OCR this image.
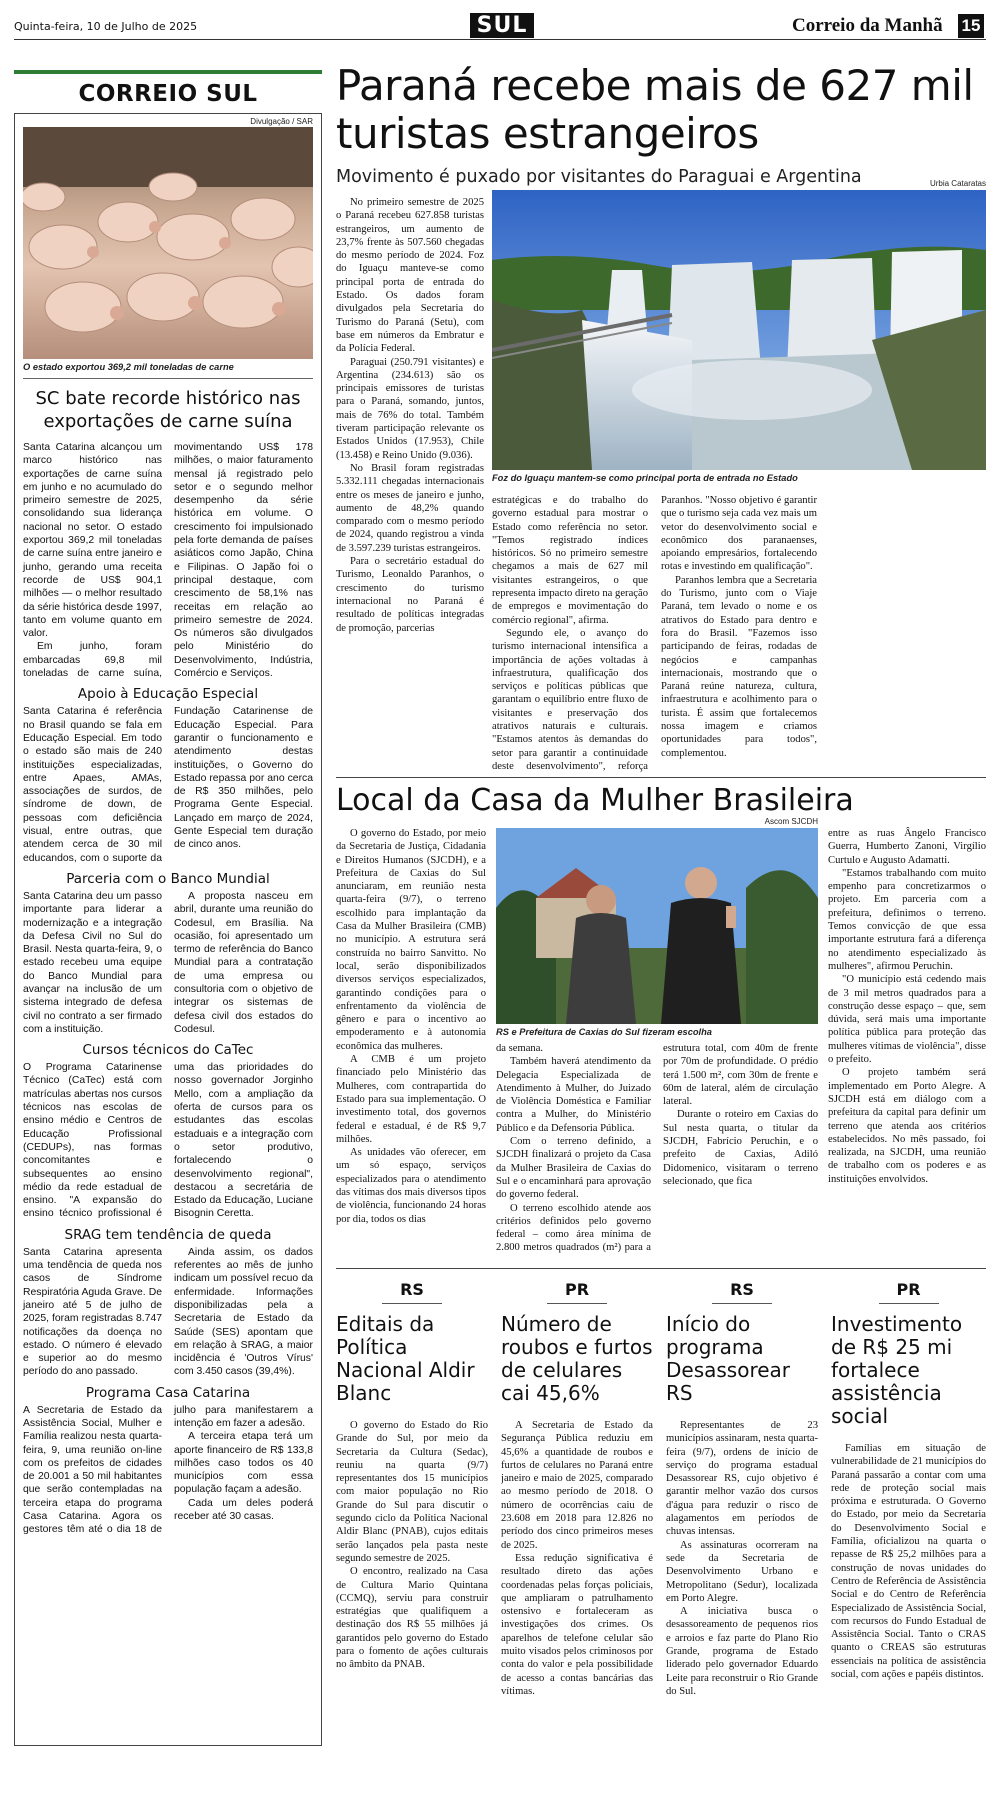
Quinta-feira, 10 de Julho de 2025	SUL	Correio da Manhã 15
CORREIO SUL
Divulgação / SAR
O estado exportou 369,2 mil toneladas de carne
SC bate recorde histórico nas exportações de carne suína

Santa Catarina alcançou um marco histórico nas exportações de carne suína em junho e no acumulado do primeiro semestre de 2025, consolidando sua liderança nacional no setor. O estado exportou 369,2 mil toneladas de carne suína entre janeiro e junho, gerando uma receita recorde de US$ 904,1 milhões — o melhor resultado da série histórica desde 1997, tanto em volume quanto em valor.

Em junho, foram embarcadas 69,8 mil toneladas de carne suína, movimentando US$ 178 milhões, o maior faturamento mensal já registrado pelo setor e o segundo melhor desempenho da série histórica em volume. O crescimento foi impulsionado pela forte demanda de países asiáticos como Japão, China e Filipinas. O Japão foi o principal destaque, com crescimento de 58,1% nas receitas em relação ao primeiro semestre de 2024. Os números são divulgados pelo Ministério do Desenvolvimento, Indústria, Comércio e Serviços.

Apoio à Educação Especial

Santa Catarina é referência no Brasil quando se fala em Educação Especial. Em todo o estado são mais de 240 instituições especializadas, entre Apaes, AMAs, associações de surdos, de síndrome de down, de pessoas com deficiência visual, entre outras, que atendem cerca de 30 mil educandos, com o suporte da Fundação Catarinense de Educação Especial. Para garantir o funcionamento e atendimento destas instituições, o Governo do Estado repassa por ano cerca de R$ 350 milhões, pelo Programa Gente Especial. Lançado em março de 2024, Gente Especial tem duração de cinco anos.

Parceria com o Banco Mundial

Santa Catarina deu um passo importante para liderar a modernização e a integração da Defesa Civil no Sul do Brasil. Nesta quarta-feira, 9, o estado recebeu uma equipe do Banco Mundial para avançar na inclusão de um sistema integrado de defesa civil no contrato a ser firmado com a instituição.

A proposta nasceu em abril, durante uma reunião do Codesul, em Brasília. Na ocasião, foi apresentado um termo de referência do Banco Mundial para a contratação de uma empresa ou consultoria com o objetivo de integrar os sistemas de defesa civil dos estados do Codesul.

Cursos técnicos do CaTec

O Programa Catarinense Técnico (CaTec) está com matrículas abertas nos cursos técnicos nas escolas de ensino médio e Centros de Educação Profissional (CEDUPs), nas formas concomitantes e subsequentes ao ensino médio da rede estadual de ensino. "A expansão do ensino técnico profissional é uma das prioridades do nosso governador Jorginho Mello, com a ampliação da oferta de cursos para os estudantes das escolas estaduais e a integração com o setor produtivo, fortalecendo o desenvolvimento regional", destacou a secretária de Estado da Educação, Luciane Bisognin Ceretta.

SRAG tem tendência de queda

Santa Catarina apresenta uma tendência de queda nos casos de Síndrome Respiratória Aguda Grave. De janeiro até 5 de julho de 2025, foram registradas 8.747 notificações da doença no estado. O número é elevado e superior ao do mesmo período do ano passado.

Ainda assim, os dados referentes ao mês de junho indicam um possível recuo da enfermidade. Informações disponibilizadas pela a Secretaria de Estado da Saúde (SES) apontam que em relação à SRAG, a maior incidência é 'Outros Vírus' com 3.450 casos (39,4%).

Programa Casa Catarina

A Secretaria de Estado da Assistência Social, Mulher e Família realizou nesta quarta-feira, 9, uma reunião on-line com os prefeitos de cidades de 20.001 a 50 mil habitantes que serão contempladas na terceira etapa do programa Casa Catarina. Agora os gestores têm até o dia 18 de julho para manifestarem a intenção em fazer a adesão.

A terceira etapa terá um aporte financeiro de R$ 133,8 milhões caso todos os 40 municípios com essa população façam a adesão.

Cada um deles poderá receber até 30 casas.

Paraná recebe mais de 627 mil turistas estrangeiros
Movimento é puxado por visitantes do Paraguai e Argentina

No primeiro semestre de 2025 o Paraná recebeu 627.858 turistas estrangeiros, um aumento de 23,7% frente às 507.560 chegadas do mesmo período de 2024. Foz do Iguaçu manteve-se como principal porta de entrada do Estado. Os dados foram divulgados pela Secretaria do Turismo do Paraná (Setu), com base em números da Embratur e da Polícia Federal.

Paraguai (250.791 visitantes) e Argentina (234.613) são os principais emissores de turistas para o Paraná, somando, juntos, mais de 76% do total. Também tiveram participação relevante os Estados Unidos (17.953), Chile (13.458) e Reino Unido (9.036).

No Brasil foram registradas 5.332.111 chegadas internacionais entre os meses de janeiro e junho, aumento de 48,2% quando comparado com o mesmo período de 2024, quando registrou a vinda de 3.597.239 turistas estrangeiros.

Para o secretário estadual do Turismo, Leonaldo Paranhos, o crescimento do turismo internacional no Paraná é resultado de políticas integradas de promoção, parcerias

Urbia Cataratas
Foz do Iguaçu mantem-se como principal porta de entrada no Estado

estratégicas e do trabalho do governo estadual para mostrar o Estado como referência no setor. "Temos registrado índices históricos. Só no primeiro semestre chegamos a mais de 627 mil visitantes estrangeiros, o que representa impacto direto na geração de empregos e movimentação do comércio regional", afirma.

Segundo ele, o avanço do turismo internacional intensifica a importância de ações voltadas à infraestrutura, qualificação dos serviços e políticas públicas que garantam o equilíbrio entre fluxo de visitantes e preservação dos atrativos naturais e culturais. "Estamos atentos às demandas do setor para garantir a continuidade deste desenvolvimento", reforça Paranhos. "Nosso objetivo é garantir que o turismo seja cada vez mais um vetor do desenvolvimento social e econômico dos paranaenses, apoiando empresários, fortalecendo rotas e investindo em qualificação".

Paranhos lembra que a Secretaria do Turismo, junto com o Viaje Paraná, tem levado o nome e os atrativos do Estado para dentro e fora do Brasil. "Fazemos isso participando de feiras, rodadas de negócios e campanhas internacionais, mostrando que o Paraná reúne natureza, cultura, infraestrutura e acolhimento para o turista. É assim que fortalecemos nossa imagem e criamos oportunidades para todos", complementou.

Local da Casa da Mulher Brasileira

O governo do Estado, por meio da Secretaria de Justiça, Cidadania e Direitos Humanos (SJCDH), e a Prefeitura de Caxias do Sul anunciaram, em reunião nesta quarta-feira (9/7), o terreno escolhido para implantação da Casa da Mulher Brasileira (CMB) no município. A estrutura será construída no bairro Sanvitto. No local, serão disponibilizados diversos serviços especializados, garantindo condições para o enfrentamento da violência de gênero e para o incentivo ao empoderamento e à autonomia econômica das mulheres.

A CMB é um projeto financiado pelo Ministério das Mulheres, com contrapartida do Estado para sua implementação. O investimento total, dos governos federal e estadual, é de R$ 9,7 milhões.

As unidades vão oferecer, em um só espaço, serviços especializados para o atendimento das vítimas dos mais diversos tipos de violência, funcionando 24 horas por dia, todos os dias

Ascom SJCDH
RS e Prefeitura de Caxias do Sul fizeram escolha

da semana.

Também haverá atendimento da Delegacia Especializada de Atendimento à Mulher, do Juizado de Violência Doméstica e Familiar contra a Mulher, do Ministério Público e da Defensoria Pública.

Com o terreno definido, a SJCDH finalizará o projeto da Casa da Mulher Brasileira de Caxias do Sul e o encaminhará para aprovação do governo federal.

O terreno escolhido atende aos critérios definidos pelo governo federal – como área mínima de 2.800 metros quadrados (m²) para a estrutura total, com 40m de frente por 70m de profundidade. O prédio terá 1.500 m², com 30m de frente e 60m de lateral, além de circulação lateral.

Durante o roteiro em Caxias do Sul nesta quarta, o titular da SJCDH, Fabrício Peruchin, e o prefeito de Caxias, Adiló Didomenico, visitaram o terreno selecionado, que fica

entre as ruas Ângelo Francisco Guerra, Humberto Zanoni, Virgílio Curtulo e Augusto Adamatti.

"Estamos trabalhando com muito empenho para concretizarmos o projeto. Em parceria com a prefeitura, definimos o terreno. Temos convicção de que essa importante estrutura fará a diferença no atendimento especializado às mulheres", afirmou Peruchin.

"O município está cedendo mais de 3 mil metros quadrados para a construção desse espaço – que, sem dúvida, será mais uma importante política pública para proteção das mulheres vítimas de violência", disse o prefeito.

O projeto também será implementado em Porto Alegre. A SJCDH está em diálogo com a prefeitura da capital para definir um terreno que atenda aos critérios estabelecidos. No mês passado, foi realizada, na SJCDH, uma reunião de trabalho com os poderes e as instituições envolvidos.

RS
Editais da Política Nacional Aldir Blanc

O governo do Estado do Rio Grande do Sul, por meio da Secretaria da Cultura (Sedac), reuniu na quarta (9/7) representantes dos 15 municípios com maior população no Rio Grande do Sul para discutir o segundo ciclo da Política Nacional Aldir Blanc (PNAB), cujos editais serão lançados pela pasta neste segundo semestre de 2025.

O encontro, realizado na Casa de Cultura Mario Quintana (CCMQ), serviu para construir estratégias que qualifiquem a destinação dos R$ 55 milhões já garantidos pelo governo do Estado para o fomento de ações culturais no âmbito da PNAB.

PR
Número de roubos e furtos de celulares cai 45,6%

A Secretaria de Estado da Segurança Pública reduziu em 45,6% a quantidade de roubos e furtos de celulares no Paraná entre janeiro e maio de 2025, comparado ao mesmo período de 2018. O número de ocorrências caiu de 23.608 em 2018 para 12.826 no período dos cinco primeiros meses de 2025.

Essa redução significativa é resultado direto das ações coordenadas pelas forças policiais, que ampliaram o patrulhamento ostensivo e fortaleceram as investigações dos crimes. Os aparelhos de telefone celular são muito visados pelos criminosos por conta do valor e pela possibilidade de acesso a contas bancárias das vítimas.

RS
Início do programa Desassorear RS

Representantes de 23 municípios assinaram, nesta quarta-feira (9/7), ordens de início de serviço do programa estadual Desassorear RS, cujo objetivo é garantir melhor vazão dos cursos d'água para reduzir o risco de alagamentos em períodos de chuvas intensas.

As assinaturas ocorreram na sede da Secretaria de Desenvolvimento Urbano e Metropolitano (Sedur), localizada em Porto Alegre.

A iniciativa busca o desassoreamento de pequenos rios e arroios e faz parte do Plano Rio Grande, programa de Estado liderado pelo governador Eduardo Leite para reconstruir o Rio Grande do Sul.

PR
Investimento de R$ 25 mi fortalece assistência social

Famílias em situação de vulnerabilidade de 21 municípios do Paraná passarão a contar com uma rede de proteção social mais próxima e estruturada. O Governo do Estado, por meio da Secretaria do Desenvolvimento Social e Família, oficializou na quarta o repasse de R$ 25,2 milhões para a construção de novas unidades do Centro de Referência de Assistência Social e do Centro de Referência Especializado de Assistência Social, com recursos do Fundo Estadual de Assistência Social. Tanto o CRAS quanto o CREAS são estruturas essenciais na política de assistência social, com ações e papéis distintos.
